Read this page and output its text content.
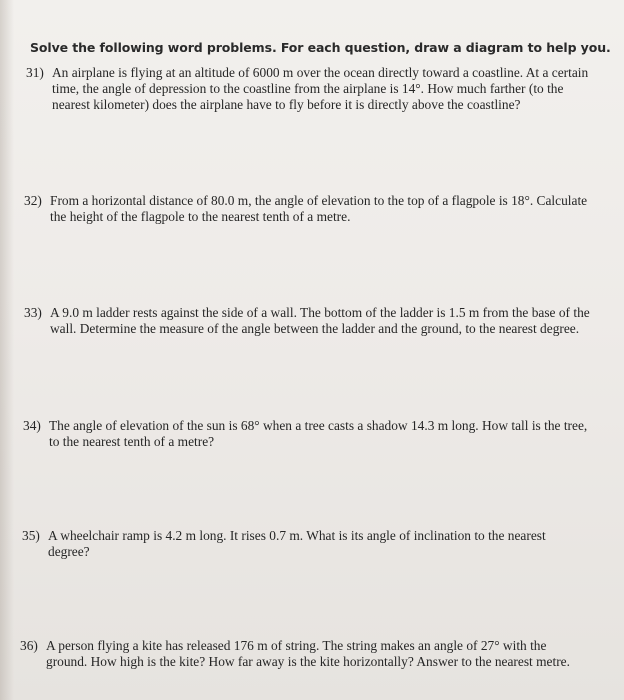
Solve the following word problems. For each question, draw a diagram to help you.
31) An airplane is flying at an altitude of 6000 m over the ocean directly toward a coastline. At a certain
time, the angle of depression to the coastline from the airplane is 14°. How much farther (to the
nearest kilometer) does the airplane have to fly before it is directly above the coastline?
32) From a horizontal distance of 80.0 m, the angle of elevation to the top of a flagpole is 18°. Calculate
the height of the flagpole to the nearest tenth of a metre.
33) A 9.0 m ladder rests against the side of a wall. The bottom of the ladder is 1.5 m from the base of the
wall. Determine the measure of the angle between the ladder and the ground, to the nearest degree.
34) The angle of elevation of the sun is 68° when a tree casts a shadow 14.3 m long. How tall is the tree,
to the nearest tenth of a metre?
35) A wheelchair ramp is 4.2 m long. It rises 0.7 m. What is its angle of inclination to the nearest
degree?
36) A person flying a kite has released 176 m of string. The string makes an angle of 27° with the
ground. How high is the kite? How far away is the kite horizontally? Answer to the nearest metre.
